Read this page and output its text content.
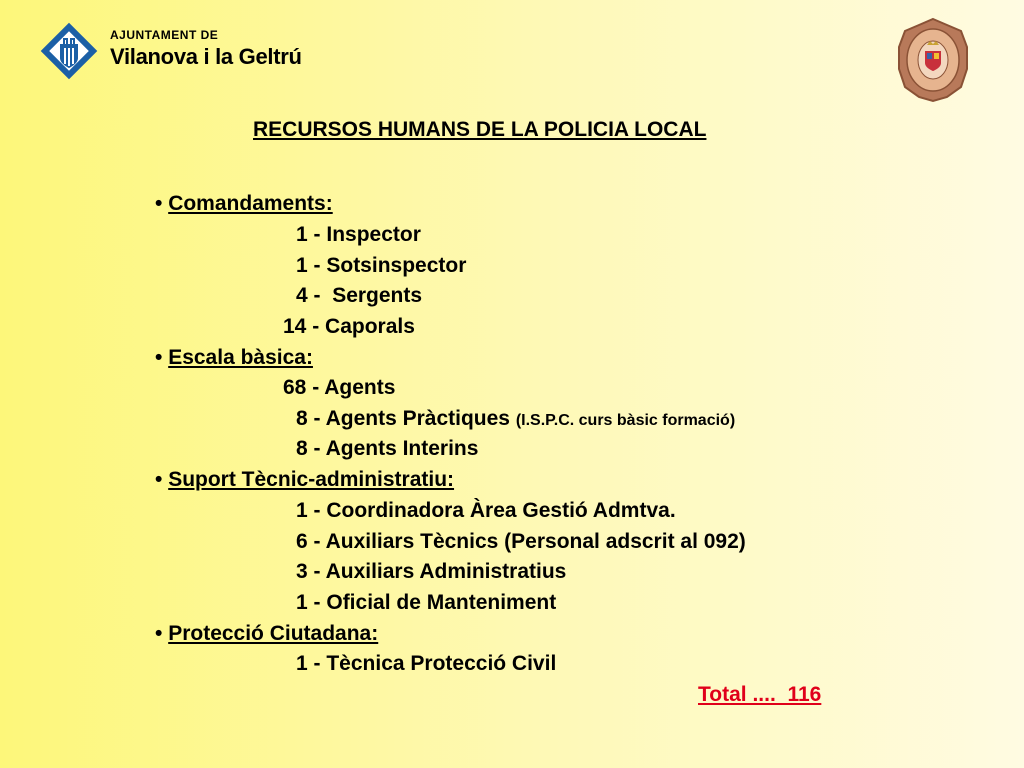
AJUNTAMENT DE
Vilanova i la Geltrú
RECURSOS HUMANS DE LA POLICIA LOCAL

• Comandaments:

1 - Inspector

1 - Sotsinspector

4 -  Sergents

14 - Caporals

• Escala bàsica:

68 - Agents

8 - Agents Pràctiques (I.S.P.C. curs bàsic formació)

8 - Agents Interins

• Suport Tècnic-administratiu:

1 - Coordinadora Àrea Gestió Admtva.

6 - Auxiliars Tècnics (Personal adscrit al 092)

3 - Auxiliars Administratius

1 - Oficial de Manteniment

• Protecció Ciutadana:

1 - Tècnica Protecció Civil

Total ....  116
